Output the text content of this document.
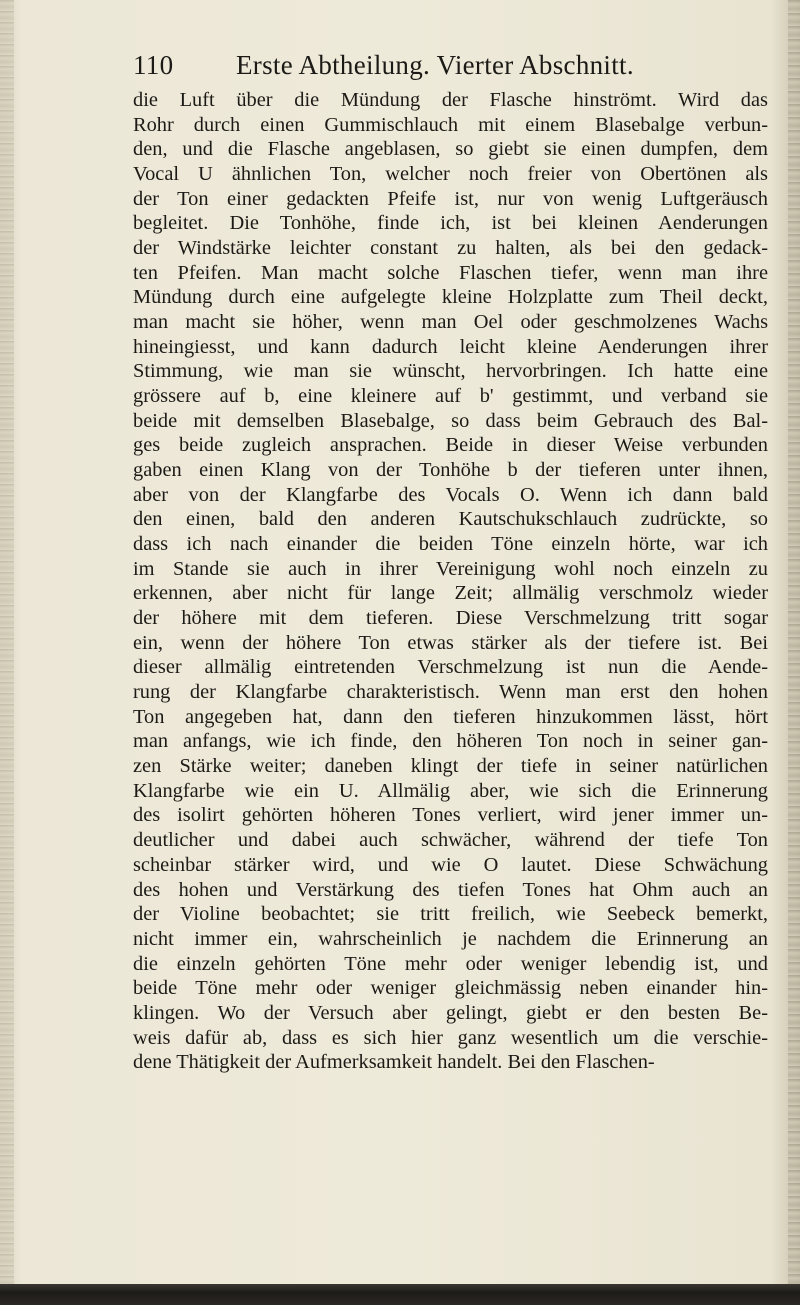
110 Erste Abtheilung. Vierter Abschnitt.
die Luft über die Mündung der Flasche hinströmt. Wird das
Rohr durch einen Gummischlauch mit einem Blasebalge verbun-
den, und die Flasche angeblasen, so giebt sie einen dumpfen, dem
Vocal U ähnlichen Ton, welcher noch freier von Obertönen als
der Ton einer gedackten Pfeife ist, nur von wenig Luftgeräusch
begleitet. Die Tonhöhe, finde ich, ist bei kleinen Aenderungen
der Windstärke leichter constant zu halten, als bei den gedack-
ten Pfeifen. Man macht solche Flaschen tiefer, wenn man ihre
Mündung durch eine aufgelegte kleine Holzplatte zum Theil deckt,
man macht sie höher, wenn man Oel oder geschmolzenes Wachs
hineingiesst, und kann dadurch leicht kleine Aenderungen ihrer
Stimmung, wie man sie wünscht, hervorbringen. Ich hatte eine
grössere auf b, eine kleinere auf b' gestimmt, und verband sie
beide mit demselben Blasebalge, so dass beim Gebrauch des Bal-
ges beide zugleich ansprachen. Beide in dieser Weise verbunden
gaben einen Klang von der Tonhöhe b der tieferen unter ihnen,
aber von der Klangfarbe des Vocals O. Wenn ich dann bald
den einen, bald den anderen Kautschukschlauch zudrückte, so
dass ich nach einander die beiden Töne einzeln hörte, war ich
im Stande sie auch in ihrer Vereinigung wohl noch einzeln zu
erkennen, aber nicht für lange Zeit; allmälig verschmolz wieder
der höhere mit dem tieferen. Diese Verschmelzung tritt sogar
ein, wenn der höhere Ton etwas stärker als der tiefere ist. Bei
dieser allmälig eintretenden Verschmelzung ist nun die Aende-
rung der Klangfarbe charakteristisch. Wenn man erst den hohen
Ton angegeben hat, dann den tieferen hinzukommen lässt, hört
man anfangs, wie ich finde, den höheren Ton noch in seiner gan-
zen Stärke weiter; daneben klingt der tiefe in seiner natürlichen
Klangfarbe wie ein U. Allmälig aber, wie sich die Erinnerung
des isolirt gehörten höheren Tones verliert, wird jener immer un-
deutlicher und dabei auch schwächer, während der tiefe Ton
scheinbar stärker wird, und wie O lautet. Diese Schwächung
des hohen und Verstärkung des tiefen Tones hat Ohm auch an
der Violine beobachtet; sie tritt freilich, wie Seebeck bemerkt,
nicht immer ein, wahrscheinlich je nachdem die Erinnerung an
die einzeln gehörten Töne mehr oder weniger lebendig ist, und
beide Töne mehr oder weniger gleichmässig neben einander hin-
klingen. Wo der Versuch aber gelingt, giebt er den besten Be-
weis dafür ab, dass es sich hier ganz wesentlich um die verschie-
dene Thätigkeit der Aufmerksamkeit handelt. Bei den Flaschen-
